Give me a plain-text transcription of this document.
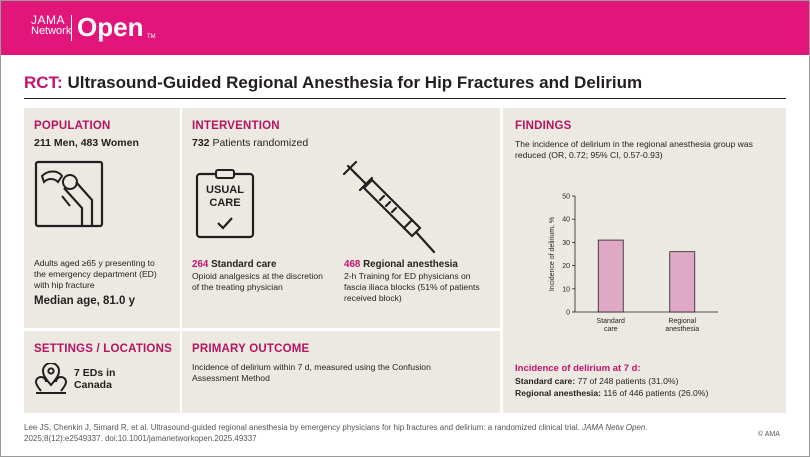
JAMA
Network Open TM
RCT: Ultrasound-Guided Regional Anesthesia for Hip Fractures and Delirium
POPULATION
211 Men, 483 Women
Adults aged ≥65 y presenting to
the emergency department (ED)
with hip fracture
Median age, 81.0 y
INTERVENTION
732 Patients randomized
USUAL
CARE
264 Standard care
Opioid analgesics at the discretion
of the treating physician
468 Regional anesthesia
2-h Training for ED physicians on
fascia iliaca blocks (51% of patients
received block)
SETTINGS / LOCATIONS
7 EDs in
Canada
PRIMARY OUTCOME
Incidence of delirium within 7 d, measured using the Confusion
Assessment Method
FINDINGS
The incidence of delirium in the regional anesthesia group was
reduced (OR, 0.72; 95% CI, 0.57-0.93)
0
10
20
30
40
50
Incidence of delirium, %
Standard
care
Regional
anesthesia
Incidence of delirium at 7 d:
Standard care: 77 of 248 patients (31.0%)
Regional anesthesia: 116 of 446 patients (26.0%)
Lee JS, Chenkin J, Simard R, et al. Ultrasound-guided regional anesthesia by emergency physicians for hip fractures and delirium: a randomized clinical trial. JAMA Netw Open.
2025;8(12):e2549337. doi:10.1001/jamanetworkopen.2025.49337	© AMA
